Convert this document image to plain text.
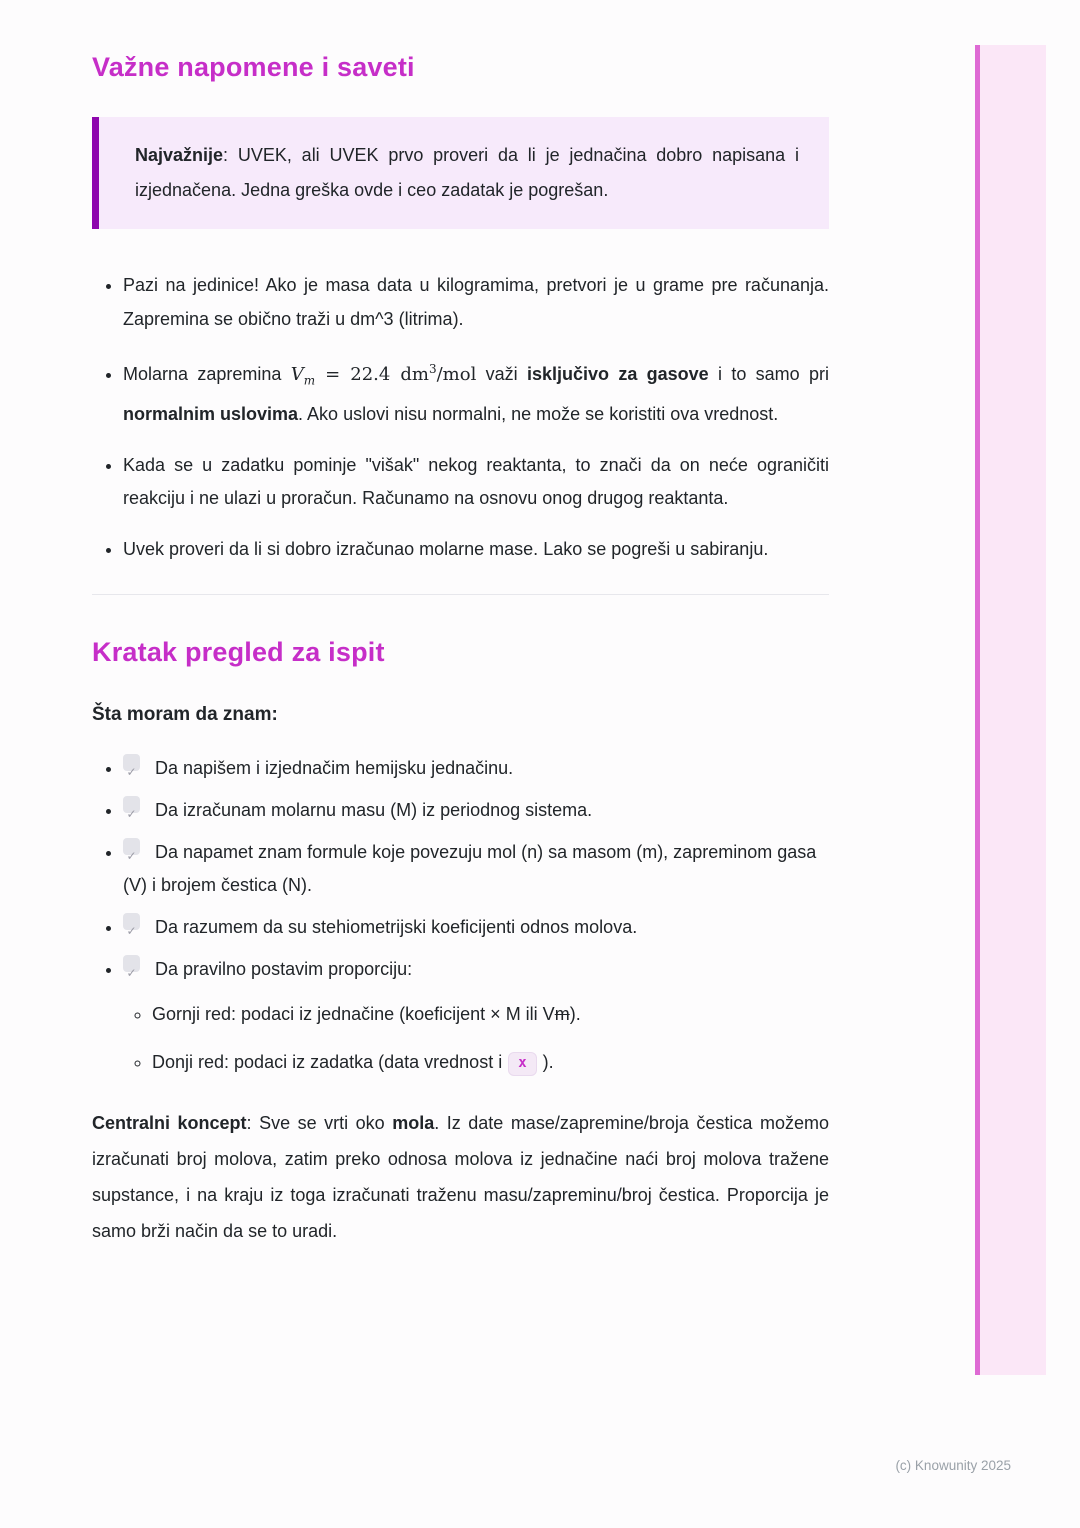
Važne napomene i saveti

Najvažnije: UVEK, ali UVEK prvo proveri da li je jednačina dobro napisana i izjednačena. Jedna greška ovde i ceo zadatak je pogrešan.

• Pazi na jedinice! Ako je masa data u kilogramima, pretvori je u grame pre računanja. Zapremina se obično traži u dm^3 (litrima).
• Molarna zapremina $V_m = 22.4$ $dm^3$/mol važi isključivo za gasove i to samo pri normalnim uslovima. Ako uslovi nisu normalni, ne može se koristiti ova vrednost.
• Kada se u zadatku pominje "višak" nekog reaktanta, to znači da on neće ograničiti reakciju i ne ulazi u proračun. Računamo na osnovu onog drugog reaktanta.
• Uvek proveri da li si dobro izračunao molarne mase. Lako se pogreši u sabiranju.
Kratak pregled za ispit

Šta moram da znam:

• ✓ Da napišem i izjednačim hemijsku jednačinu.
• ✓ Da izračunam molarnu masu (M) iz periodnog sistema.
• ✓ Da napamet znam formule koje povezuju mol (n) sa masom (m), zapreminom gasa (V) i brojem čestica (N).
• ✓ Da razumem da su stehiometrijski koeficijenti odnos molova.
• ✓ Da pravilno postavim proporciju:
◦ Gornji red: podaci iz jednačine (koeficijent × M ili Vm).
◦ Donji red: podaci iz zadatka (data vrednost i x ).

Centralni koncept: Sve se vrti oko mola. Iz date mase/zapremine/broja čestica možemo izračunati broj molova, zatim preko odnosa molova iz jednačine naći broj molova tražene supstance, i na kraju iz toga izračunati traženu masu/zapreminu/broj čestica. Proporcija je samo brži način da se to uradi.

(c) Knowunity 2025
